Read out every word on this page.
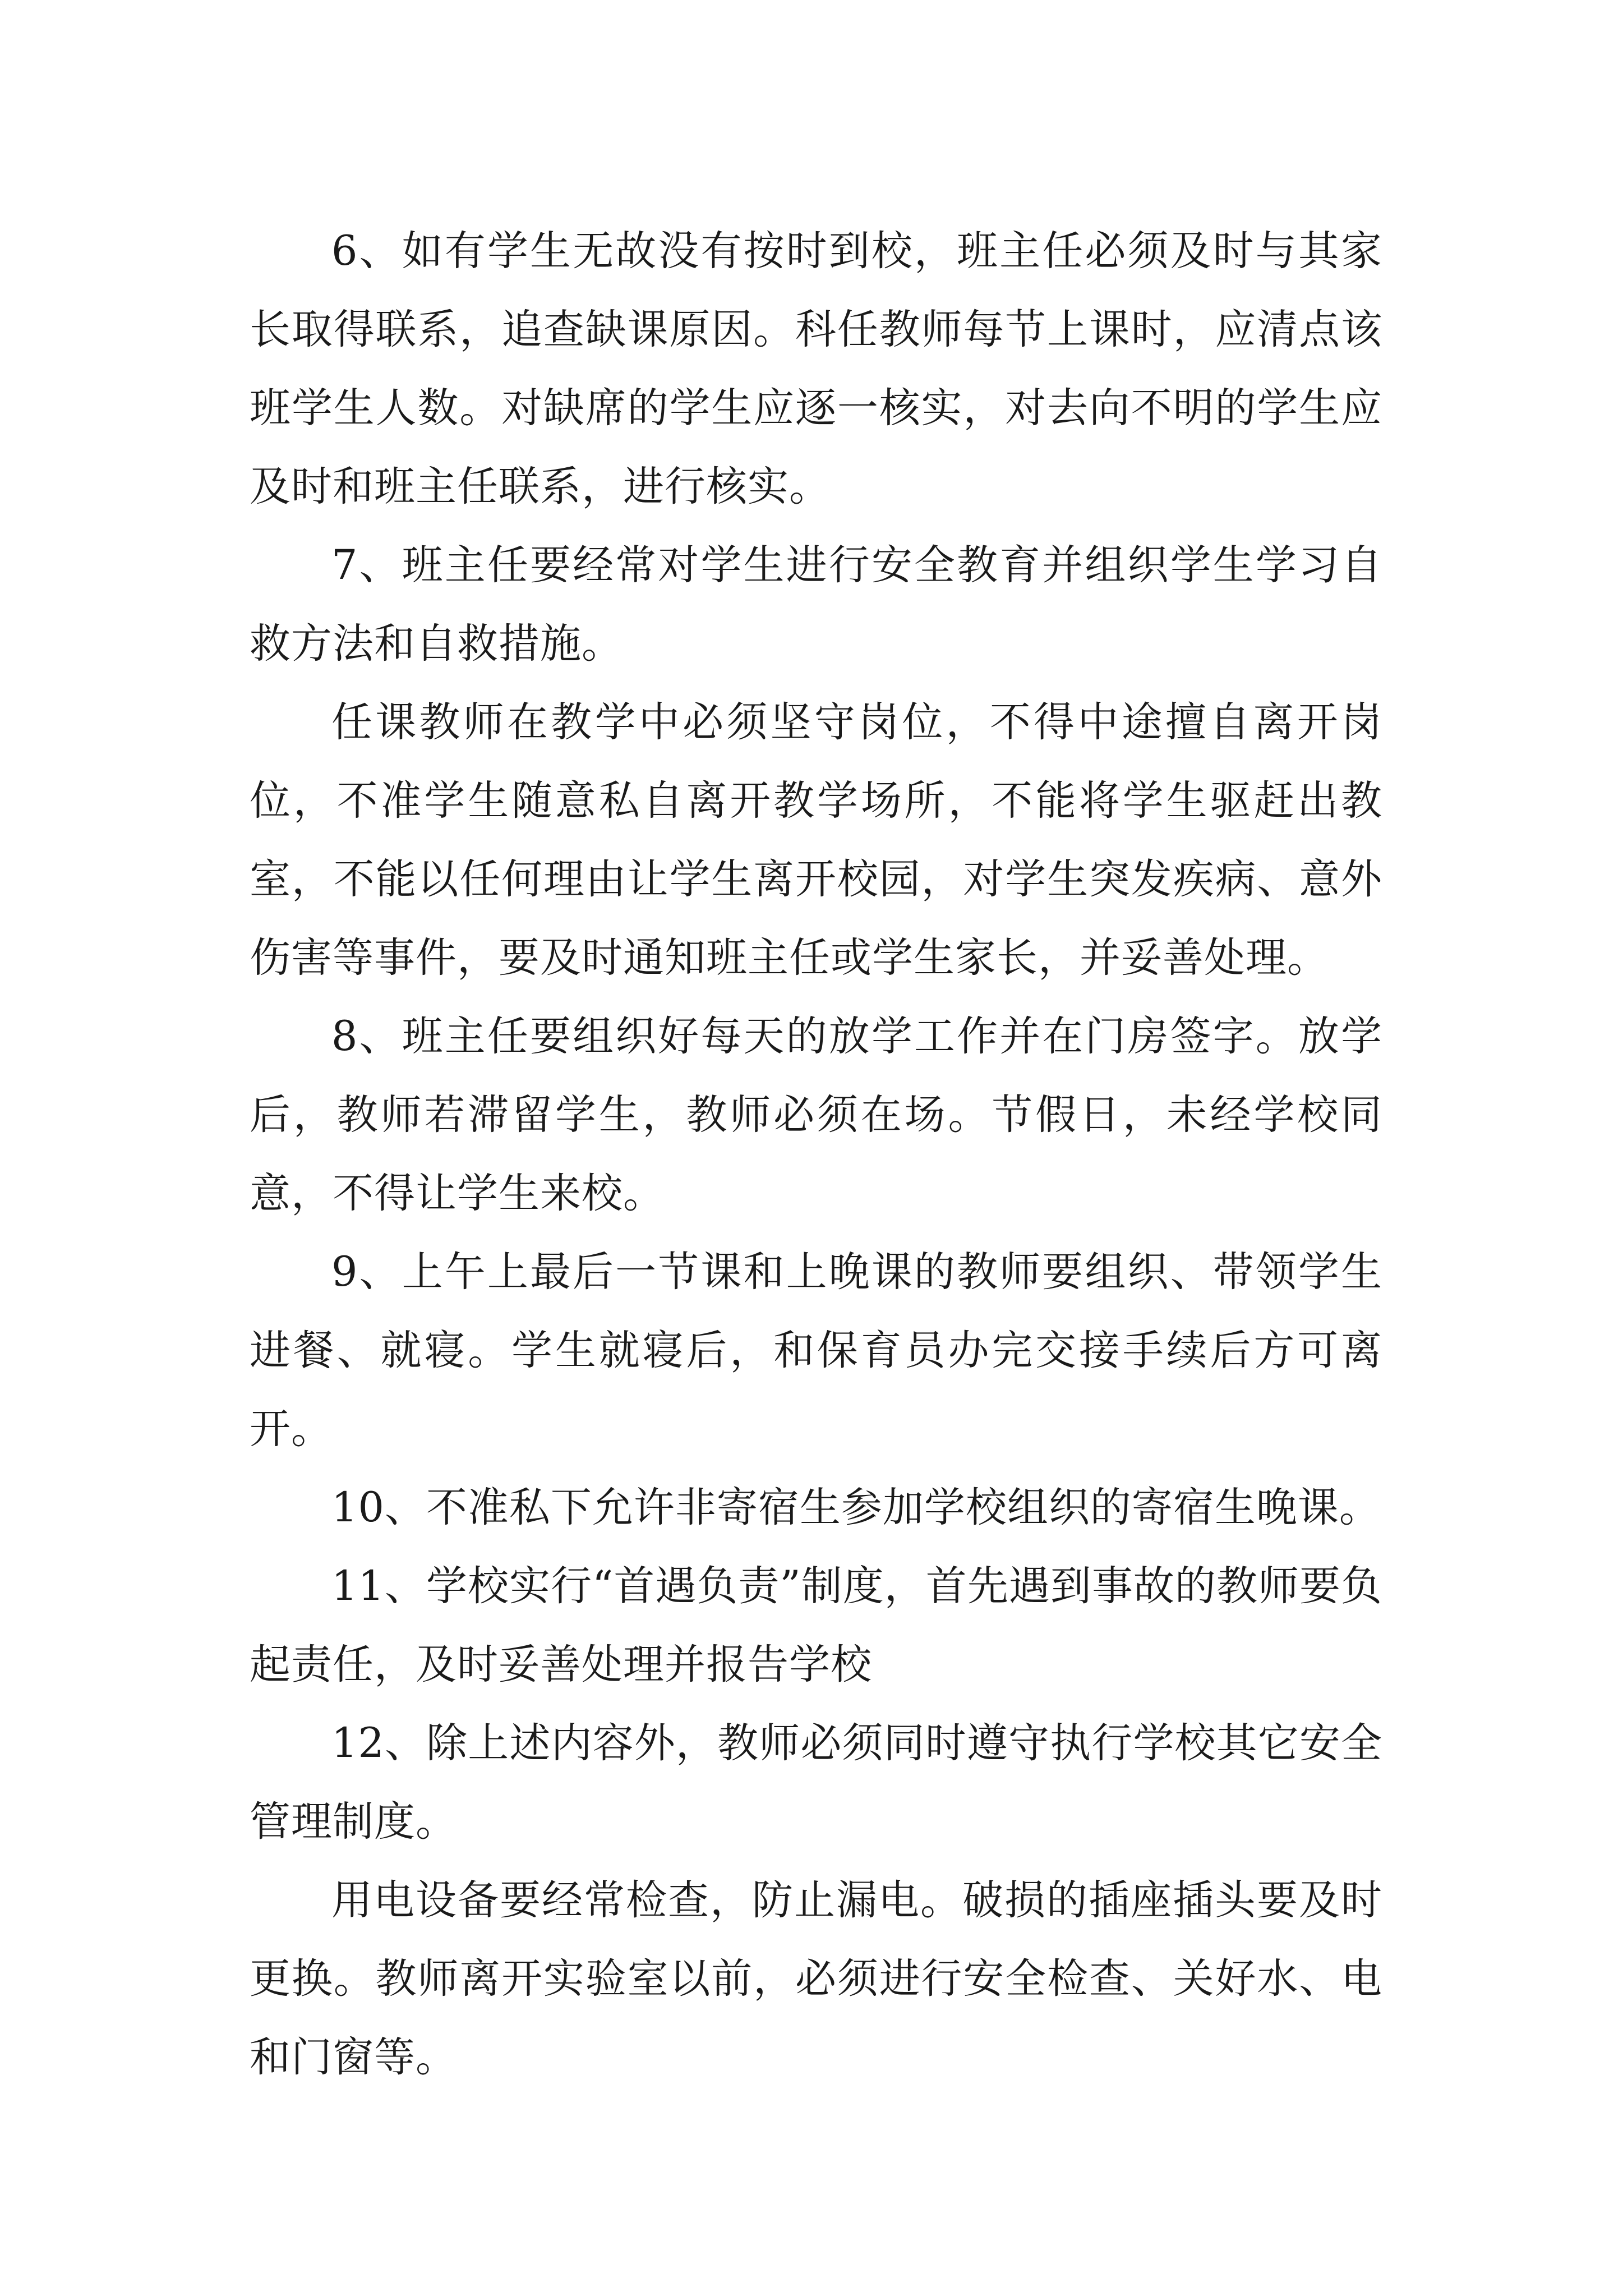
6、如有学生无故没有按时到校，班主任必须及时与其家长取得联系，追查缺课原因。科任教师每节上课时，应清点该班学生人数。对缺席的学生应逐一核实，对去向不明的学生应及时和班主任联系，进行核实。

7、班主任要经常对学生进行安全教育并组织学生学习自救方法和自救措施。

任课教师在教学中必须坚守岗位，不得中途擅自离开岗位，不准学生随意私自离开教学场所，不能将学生驱赶出教室，不能以任何理由让学生离开校园，对学生突发疾病、意外伤害等事件，要及时通知班主任或学生家长，并妥善处理。

8、班主任要组织好每天的放学工作并在门房签字。放学后，教师若滞留学生，教师必须在场。节假日，未经学校同意，不得让学生来校。

9、上午上最后一节课和上晚课的教师要组织、带领学生进餐、就寝。学生就寝后，和保育员办完交接手续后方可离开。

10、不准私下允许非寄宿生参加学校组织的寄宿生晚课。

11、学校实行“首遇负责”制度，首先遇到事故的教师要负起责任，及时妥善处理并报告学校

12、除上述内容外，教师必须同时遵守执行学校其它安全管理制度。

用电设备要经常检查，防止漏电。破损的插座插头要及时更换。教师离开实验室以前，必须进行安全检查、关好水、电和门窗等。
